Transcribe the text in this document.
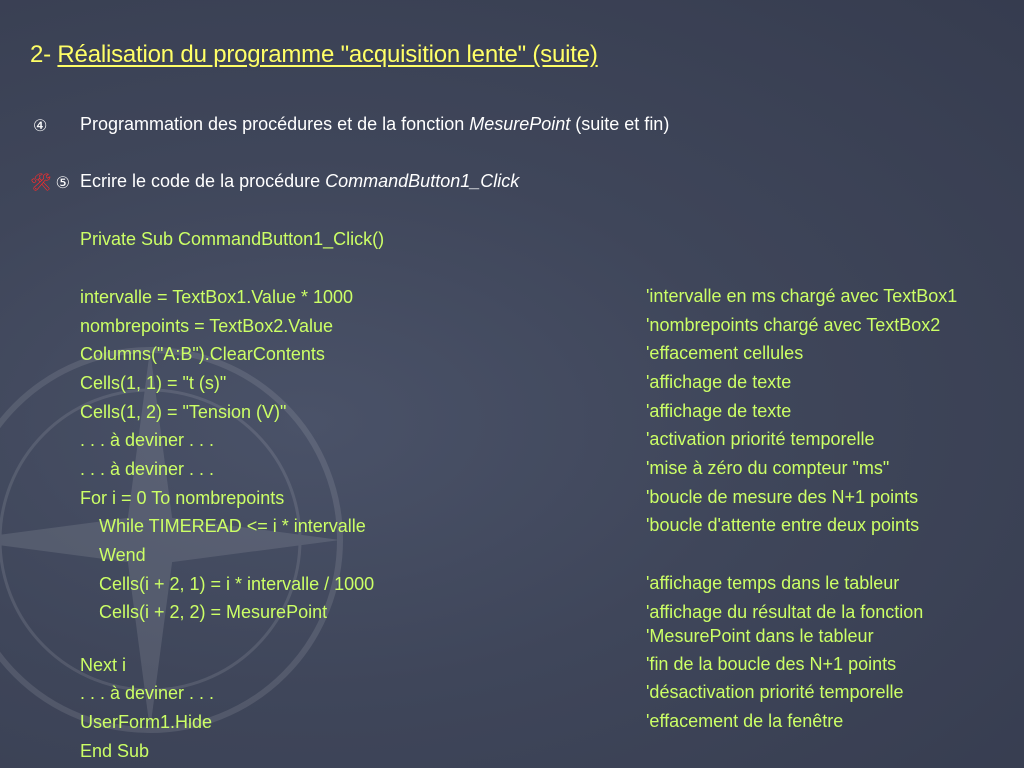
2- Réalisation du programme "acquisition lente" (suite)
④ Programmation des procédures et de la fonction MesurePoint (suite et fin)
🛠 ⑤ Ecrire le code de la procédure CommandButton1_Click
Private Sub CommandButton1_Click()
intervalle = TextBox1.Value * 1000	'intervalle en ms chargé avec TextBox1
nombrepoints = TextBox2.Value	'nombrepoints chargé avec TextBox2
Columns("A:B").ClearContents	'effacement cellules
Cells(1, 1) = "t (s)"	'affichage de texte
Cells(1, 2) = "Tension (V)"	'affichage de texte
. . . à deviner . . .	'activation priorité temporelle
. . . à deviner . . .	'mise à zéro du compteur "ms"
For i = 0 To nombrepoints	'boucle de mesure des N+1 points
While TIMEREAD <= i * intervalle	'boucle d'attente entre deux points
Wend
Cells(i + 2, 1) = i * intervalle / 1000	'affichage temps dans le tableur
Cells(i + 2, 2) = MesurePoint	'affichage du résultat de la fonction
'MesurePoint dans le tableur
Next i	'fin de la boucle des N+1 points
. . . à deviner . . .	'désactivation priorité temporelle
UserForm1.Hide	'effacement de la fenêtre
End Sub
